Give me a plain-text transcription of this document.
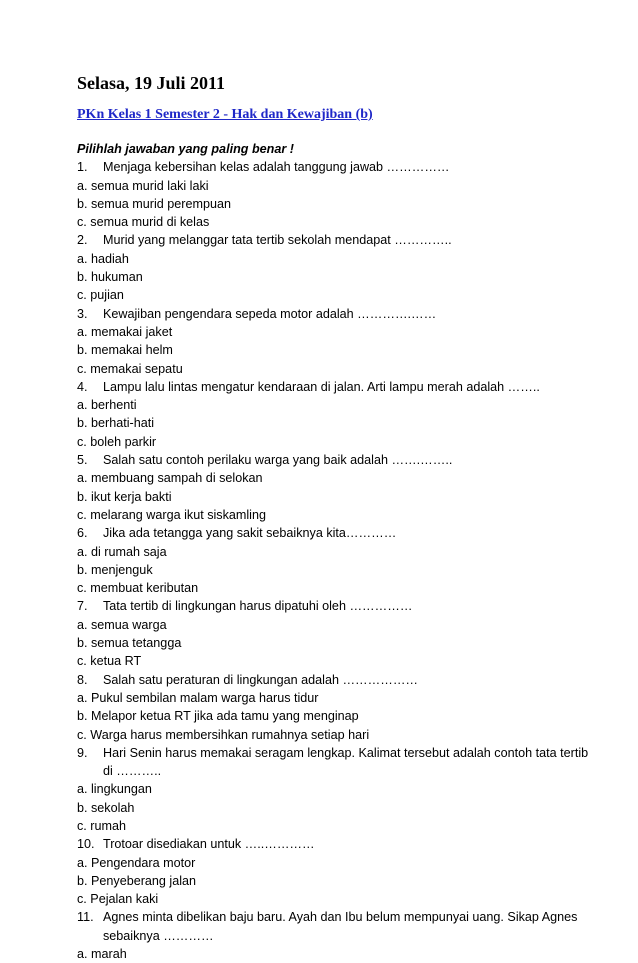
Selasa, 19 Juli 2011
PKn Kelas 1 Semester 2 - Hak dan Kewajiban (b)
Pilihlah jawaban yang paling benar !
1.	Menjaga kebersihan kelas adalah tanggung jawab ……………
a. semua murid laki laki
b. semua murid perempuan
c. semua murid di kelas
2.	Murid yang melanggar tata tertib sekolah mendapat …………..
a. hadiah
b. hukuman
c. pujian
3.	Kewajiban pengendara sepeda motor adalah ………….……
a. memakai jaket
b. memakai helm
c. memakai sepatu
4.	Lampu lalu lintas mengatur kendaraan di jalan. Arti lampu merah adalah ……..
a. berhenti
b. berhati-hati
c. boleh parkir
5.	Salah satu contoh perilaku warga yang baik adalah …….……..
a. membuang sampah di selokan
b. ikut kerja bakti
c. melarang warga ikut siskamling
6.	Jika ada tetangga yang sakit sebaiknya kita…………
a. di rumah saja
b. menjenguk
c. membuat keributan
7.	Tata tertib di lingkungan harus dipatuhi oleh ……………
a. semua warga
b. semua tetangga
c. ketua RT
8.	Salah satu peraturan di lingkungan adalah ………………
a. Pukul sembilan malam warga harus tidur
b. Melapor ketua RT jika ada tamu yang menginap
c. Warga harus membersihkan rumahnya setiap hari
9.	Hari Senin harus memakai seragam lengkap. Kalimat tersebut adalah contoh tata tertib di ………..
a. lingkungan
b. sekolah
c. rumah
10. Trotoar disediakan untuk …..…………
a. Pengendara motor
b. Penyeberang jalan
c. Pejalan kaki
11. Agnes minta dibelikan baju baru. Ayah dan Ibu belum mempunyai uang. Sikap Agnes sebaiknya …………
a. marah
